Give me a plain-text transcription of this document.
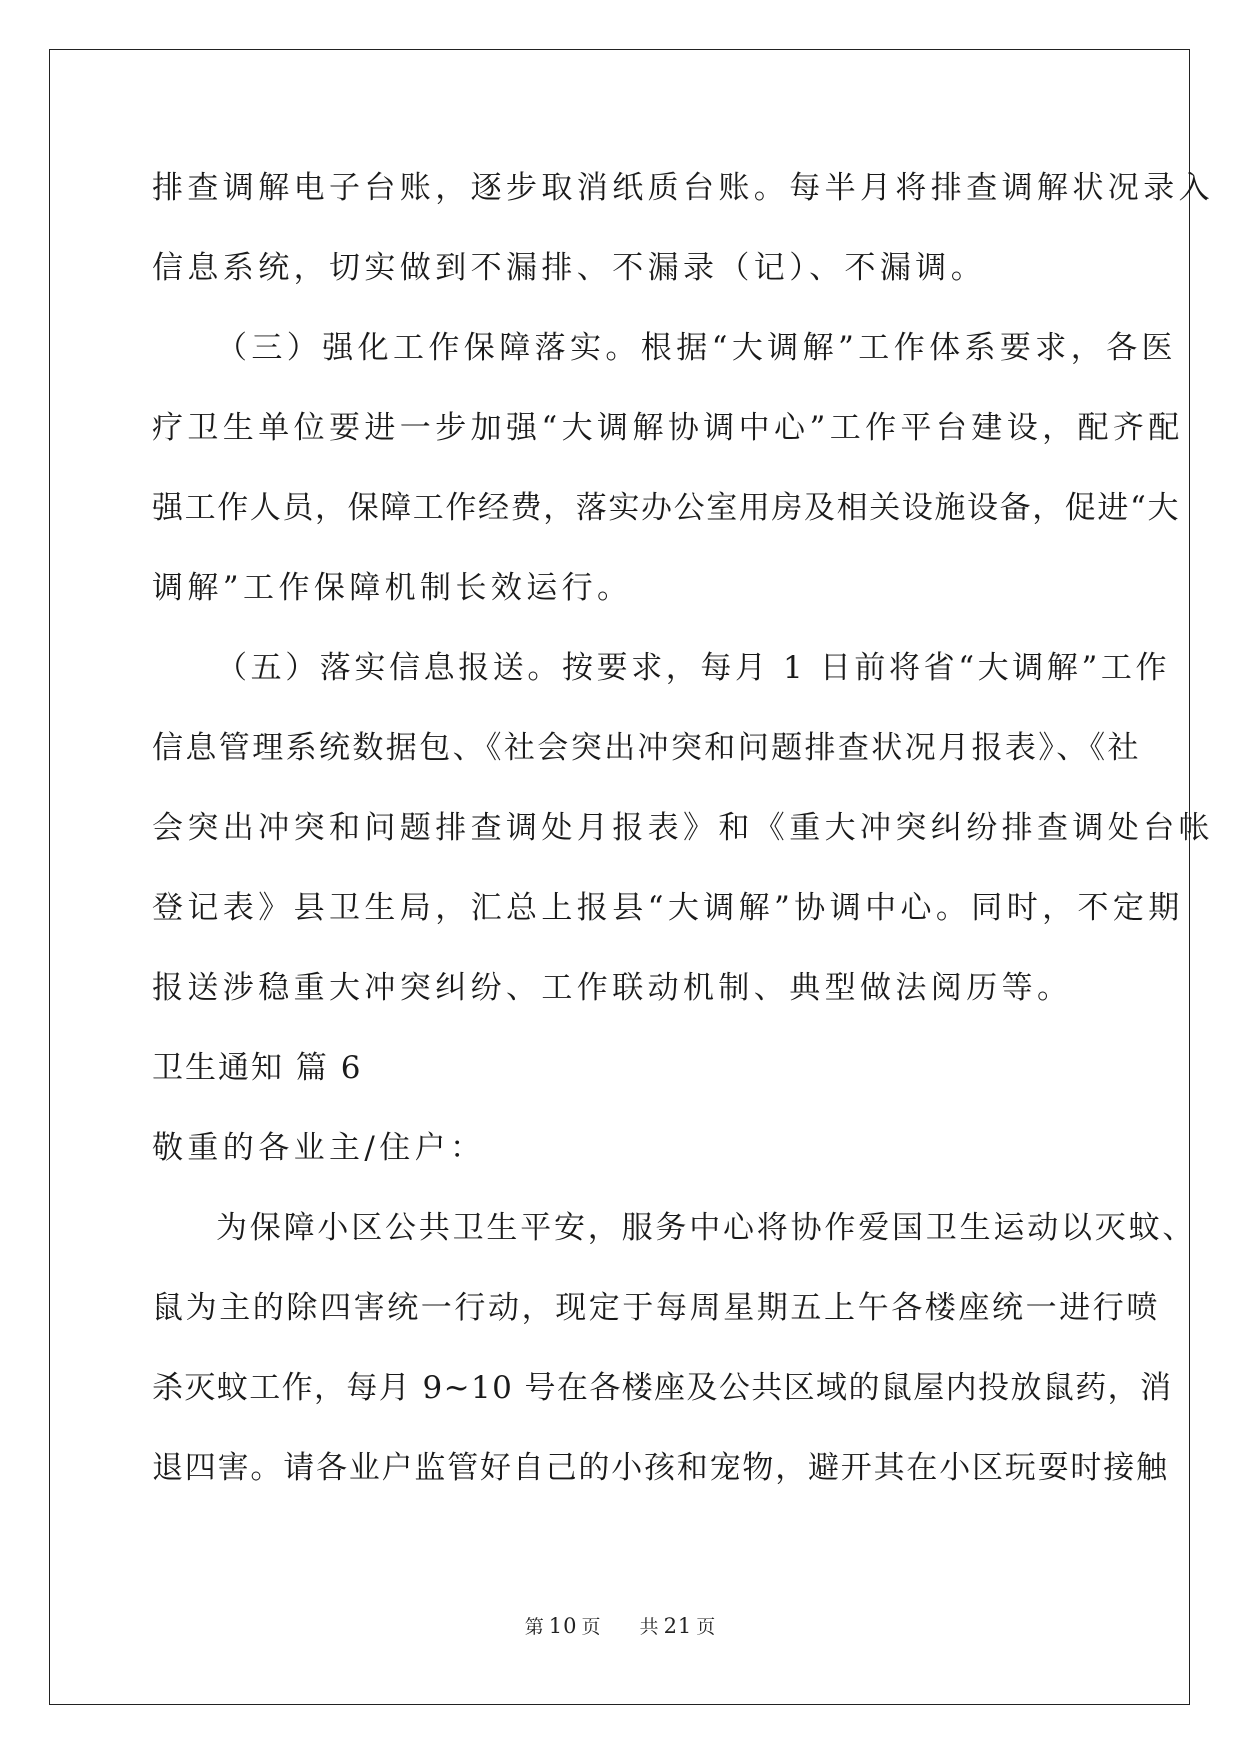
排查调解电子台账，逐步取消纸质台账。每半月将排查调解状况录入
信息系统，切实做到不漏排、不漏录（记）、不漏调。
（三）强化工作保障落实。根据“大调解”工作体系要求，各医
疗卫生单位要进一步加强“大调解协调中心”工作平台建设，配齐配
强工作人员，保障工作经费，落实办公室用房及相关设施设备，促进“大
调解”工作保障机制长效运行。
（五）落实信息报送。按要求，每月 1 日前将省“大调解”工作
信息管理系统数据包、《社会突出冲突和问题排查状况月报表》、《社
会突出冲突和问题排查调处月报表》和《重大冲突纠纷排查调处台帐
登记表》县卫生局，汇总上报县“大调解”协调中心。同时，不定期
报送涉稳重大冲突纠纷、工作联动机制、典型做法阅历等。
卫生通知 篇 6
敬重的各业主/住户：
为保障小区公共卫生平安，服务中心将协作爱国卫生运动以灭蚊、
鼠为主的除四害统一行动，现定于每周星期五上午各楼座统一进行喷
杀灭蚊工作，每月 9~10 号在各楼座及公共区域的鼠屋内投放鼠药，消
退四害。请各业户监管好自己的小孩和宠物，避开其在小区玩耍时接触
第 10 页 共 21 页
